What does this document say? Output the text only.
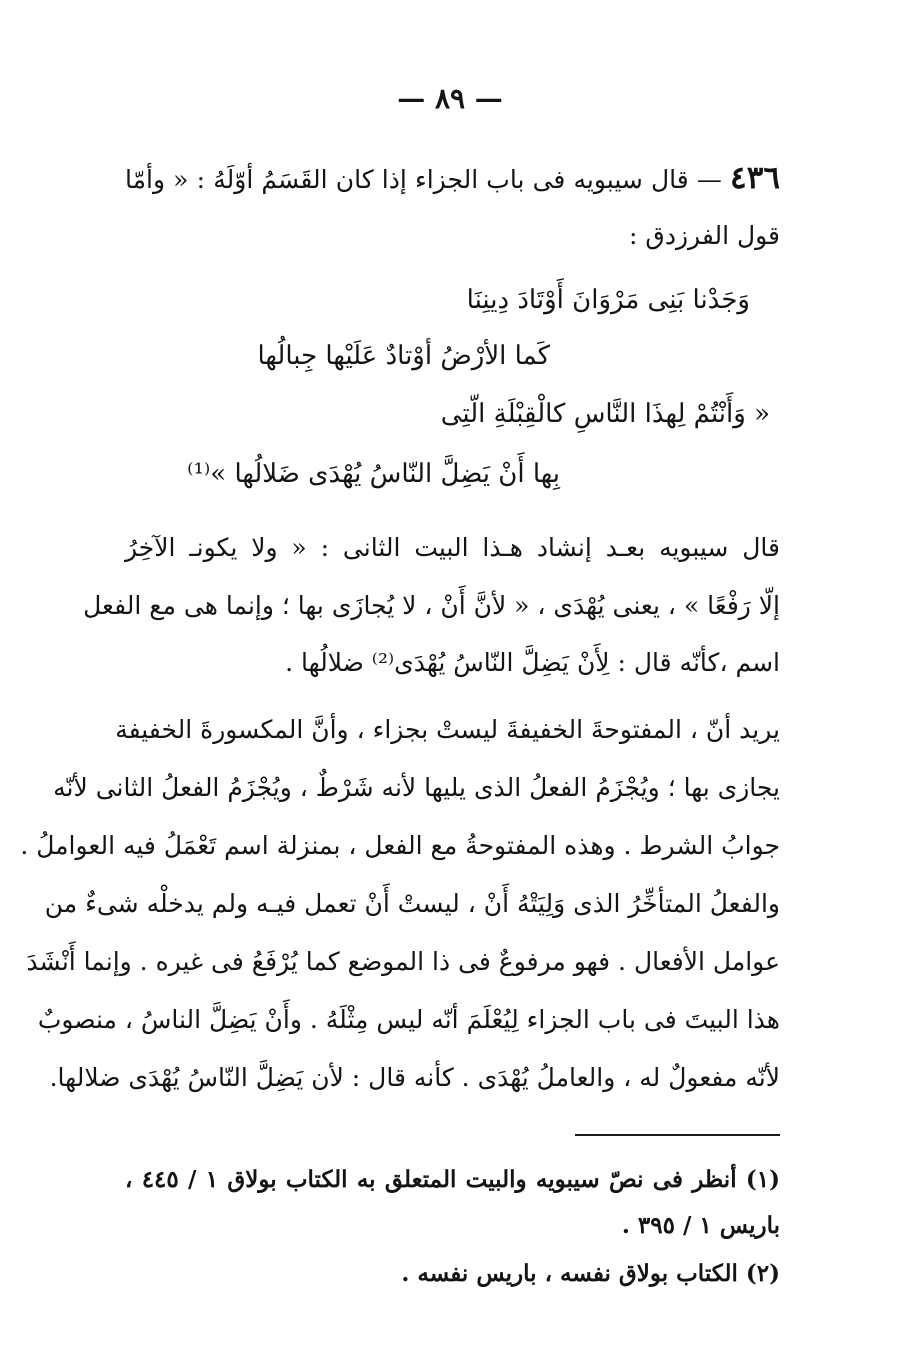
— ٨٩ —
٤٣٦ — قال سيبويه فى باب الجزاء إذا كان القَسَمُ أوّلَهُ : « وأمّا
قول الفرزدق :
وَجَدْنا بَنِى مَرْوَانَ أَوْتَادَ دِينِنَا
كَما الأرْضُ أوْتادٌ عَلَيْها جِبالُها
« وَأَنْتُمْ لِهذَا النَّاسِ كالْقِبْلَةِ الّتِى
بِها أَنْ يَضِلَّ النّاسُ يُهْدَى ضَلالُها »⁽¹⁾
قال سيبويه بعـد إنشاد هـذا البيت الثانى : « ولا يكونـ الآخِرُ
إلّا رَفْعًا » ، يعنى يُهْدَى ، « لأنَّ أَنْ ، لا يُجازَى بها ؛ وإنما هى مع الفعل
اسم ،كأنّه قال : لِأَنْ يَضِلَّ النّاسُ يُهْدَى⁽²⁾ ضلالُها .
يريد أنّ ، المفتوحةَ الخفيفةَ ليستْ بجزاء ، وأنَّ المكسورةَ الخفيفة
يجازى بها ؛ ويُجْزَمُ الفعلُ الذى يليها لأنه شَرْطٌ ، ويُجْزَمُ الفعلُ الثانى لأنّه
جوابُ الشرط . وهذه المفتوحةُ مع الفعل ، بمنزلة اسم تَعْمَلُ فيه العواملُ .
والفعلُ المتأخِّرُ الذى وَلِيَتْهُ أَنْ ، ليستْ أَنْ تعمل فيـه ولم يدخلْه شىءٌ من
عوامل الأفعال . فهو مرفوعٌ فى ذا الموضع كما يُرْفَعُ فى غيره . وإنما أَنْشَدَ
هذا البيتَ فى باب الجزاء لِيُعْلَمَ أنّه ليس مِثْلَهُ . وأَنْ يَضِلَّ الناسُ ، منصوبٌ
لأنّه مفعولٌ له ، والعاملُ يُهْدَى . كأنه قال : لأن يَضِلَّ النّاسُ يُهْدَى ضلالها.
(١) أنظر فى نصّ سيبويه والبيت المتعلق به الكتاب بولاق ١ / ٤٤٥ ،
باريس ١ / ٣٩٥ .
(٢) الكتاب بولاق نفسه ، باريس نفسه .
